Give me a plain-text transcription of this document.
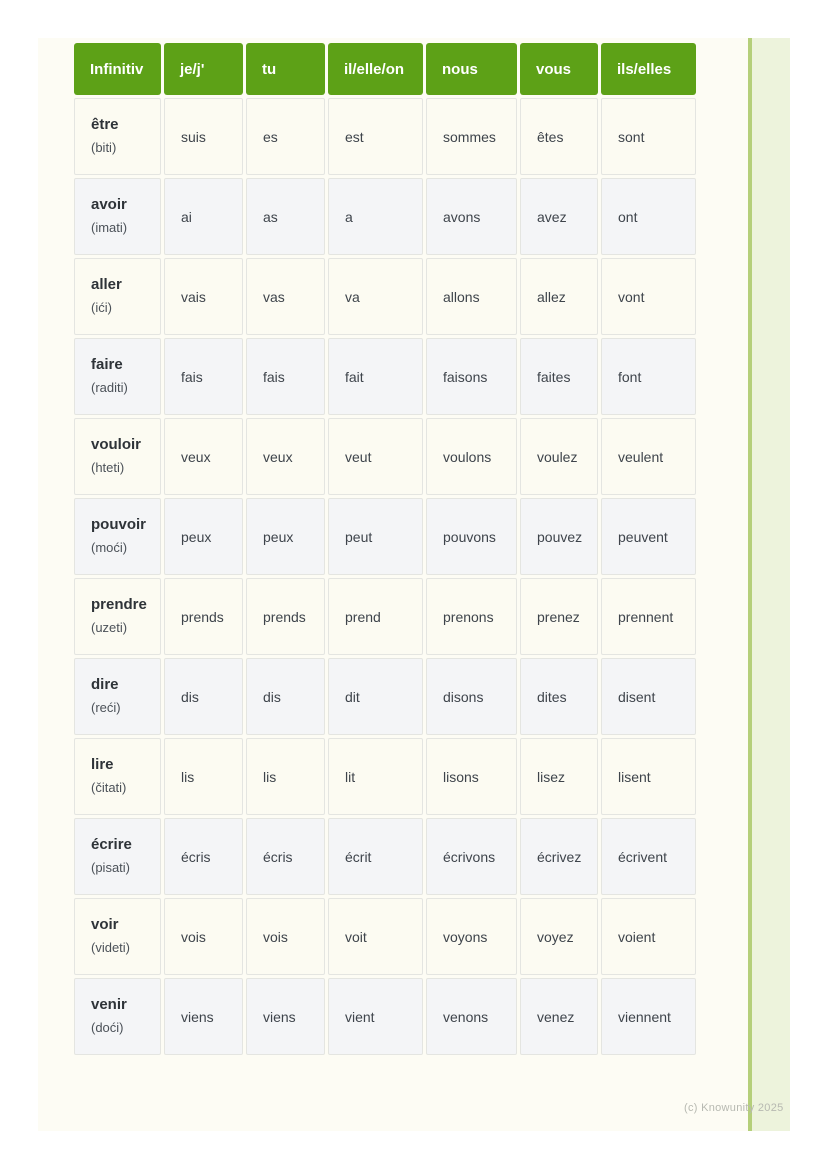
Infinitiv	je/j'	tu	il/elle/on	nous	vous	ils/elles

être
(biti)	suis	es	est	sommes	êtes	sont

avoir
(imati)	ai	as	a	avons	avez	ont

aller
(ići)	vais	vas	va	allons	allez	vont

faire
(raditi)	fais	fais	fait	faisons	faites	font

vouloir
(hteti)	veux	veux	veut	voulons	voulez	veulent

pouvoir
(moći)	peux	peux	peut	pouvons	pouvez	peuvent

prendre
(uzeti)	prends	prends	prend	prenons	prenez	prennent

dire
(reći)	dis	dis	dit	disons	dites	disent

lire
(čitati)	lis	lis	lit	lisons	lisez	lisent

écrire
(pisati)	écris	écris	écrit	écrivons	écrivez	écrivent

voir
(videti)	vois	vois	voit	voyons	voyez	voient

venir
(doći)	viens	viens	vient	venons	venez	viennent
(c) Knowunity 2025
